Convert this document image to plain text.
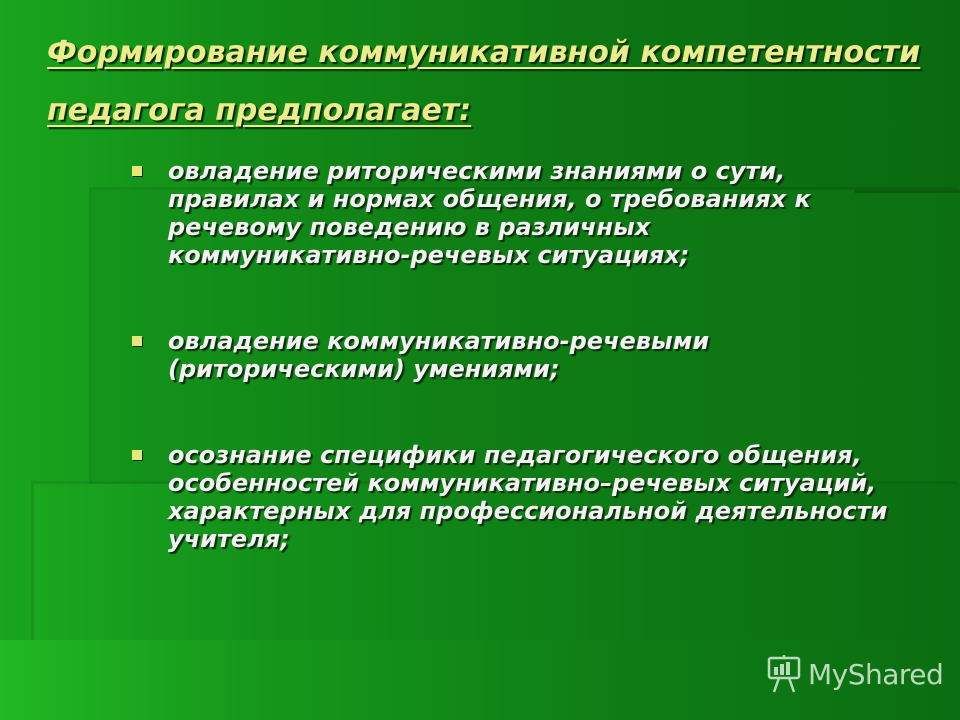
Формирование коммуникативной компетентности педагога предполагает:
овладение риторическими знаниями о сути, правилах и нормах общения, о требованиях к речевому поведению в различных коммуникативно-речевых ситуациях;
овладение коммуникативно-речевыми (риторическими) умениями;
осознание специфики педагогического общения, особенностей коммуникативно–речевых ситуаций, характерных для профессиональной деятельности учителя;
MyShared
